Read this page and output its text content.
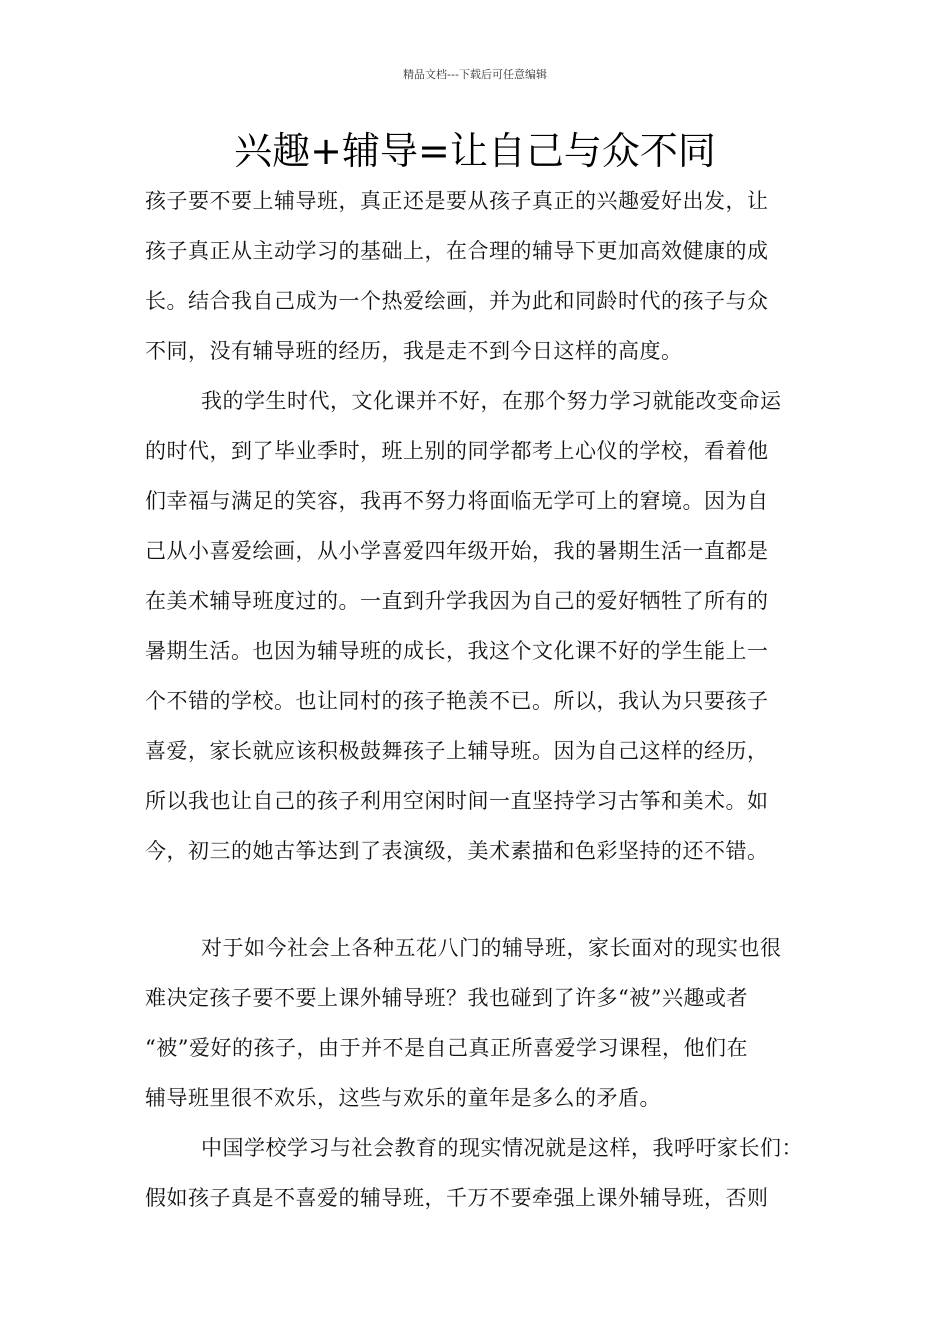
精品文档---下载后可任意编辑
兴趣+辅导=让自己与众不同
孩子要不要上辅导班，真正还是要从孩子真正的兴趣爱好出发，让
孩子真正从主动学习的基础上，在合理的辅导下更加高效健康的成
长。结合我自己成为一个热爱绘画，并为此和同龄时代的孩子与众
不同，没有辅导班的经历，我是走不到今日这样的高度。
我的学生时代，文化课并不好，在那个努力学习就能改变命运
的时代，到了毕业季时，班上别的同学都考上心仪的学校，看着他
们幸福与满足的笑容，我再不努力将面临无学可上的窘境。因为自
己从小喜爱绘画，从小学喜爱四年级开始，我的暑期生活一直都是
在美术辅导班度过的。一直到升学我因为自己的爱好牺牲了所有的
暑期生活。也因为辅导班的成长，我这个文化课不好的学生能上一
个不错的学校。也让同村的孩子艳羡不已。所以，我认为只要孩子
喜爱，家长就应该积极鼓舞孩子上辅导班。因为自己这样的经历，
所以我也让自己的孩子利用空闲时间一直坚持学习古筝和美术。如
今，初三的她古筝达到了表演级，美术素描和色彩坚持的还不错。
对于如今社会上各种五花八门的辅导班，家长面对的现实也很
难决定孩子要不要上课外辅导班？我也碰到了许多“被”兴趣或者
“被”爱好的孩子，由于并不是自己真正所喜爱学习课程，他们在
辅导班里很不欢乐，这些与欢乐的童年是多么的矛盾。
中国学校学习与社会教育的现实情况就是这样，我呼吁家长们：
假如孩子真是不喜爱的辅导班，千万不要牵强上课外辅导班，否则
